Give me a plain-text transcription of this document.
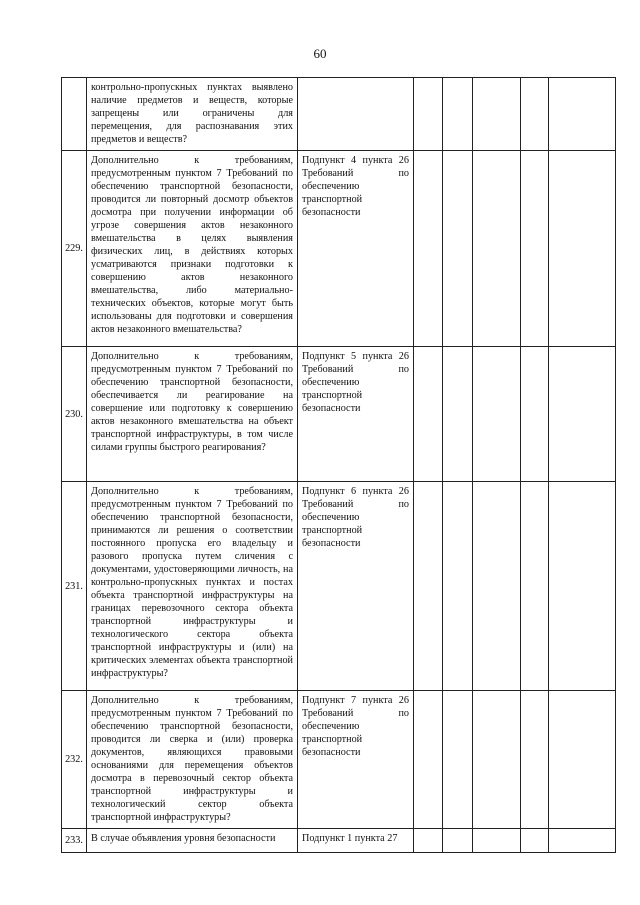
60
	контрольно-пропускных пунктах выявлено наличие предметов и веществ, которые запрещены или ограничены для перемещения, для распознавания этих предметов и веществ?						
229.	Дополнительно к требованиям, предусмотренным пунктом 7 Требований по обеспечению транспортной безопасности, проводится ли повторный досмотр объектов досмотра при получении информации об угрозе совершения актов незаконного вмешательства в целях выявления физических лиц, в действиях которых усматриваются признаки подготовки к совершению актов незаконного вмешательства, либо материально-технических объектов, которые могут быть использованы для подготовки и совершения актов незаконного вмешательства?	Подпункт 4 пункта 26 Требований по обеспечению транспортной безопасности					
230.	Дополнительно к требованиям, предусмотренным пунктом 7 Требований по обеспечению транспортной безопасности, обеспечивается ли реагирование на совершение или подготовку к совершению актов незаконного вмешательства на объект транспортной инфраструктуры, в том числе силами группы быстрого реагирования?	Подпункт 5 пункта 26 Требований по обеспечению транспортной безопасности					
231.	Дополнительно к требованиям, предусмотренным пунктом 7 Требований по обеспечению транспортной безопасности, принимаются ли решения о соответствии постоянного пропуска его владельцу и разового пропуска путем сличения с документами, удостоверяющими личность, на контрольно-пропускных пунктах и постах объекта транспортной инфраструктуры на границах перевозочного сектора объекта транспортной инфраструктуры и технологического сектора объекта транспортной инфраструктуры и (или) на критических элементах объекта транспортной инфраструктуры?	Подпункт 6 пункта 26 Требований по обеспечению транспортной безопасности					
232.	Дополнительно к требованиям, предусмотренным пунктом 7 Требований по обеспечению транспортной безопасности, проводится ли сверка и (или) проверка документов, являющихся правовыми основаниями для перемещения объектов досмотра в перевозочный сектор объекта транспортной инфраструктуры и технологический сектор объекта транспортной инфраструктуры?	Подпункт 7 пункта 26 Требований по обеспечению транспортной безопасности					
233.	В случае объявления уровня безопасности	Подпункт 1 пункта 27					
